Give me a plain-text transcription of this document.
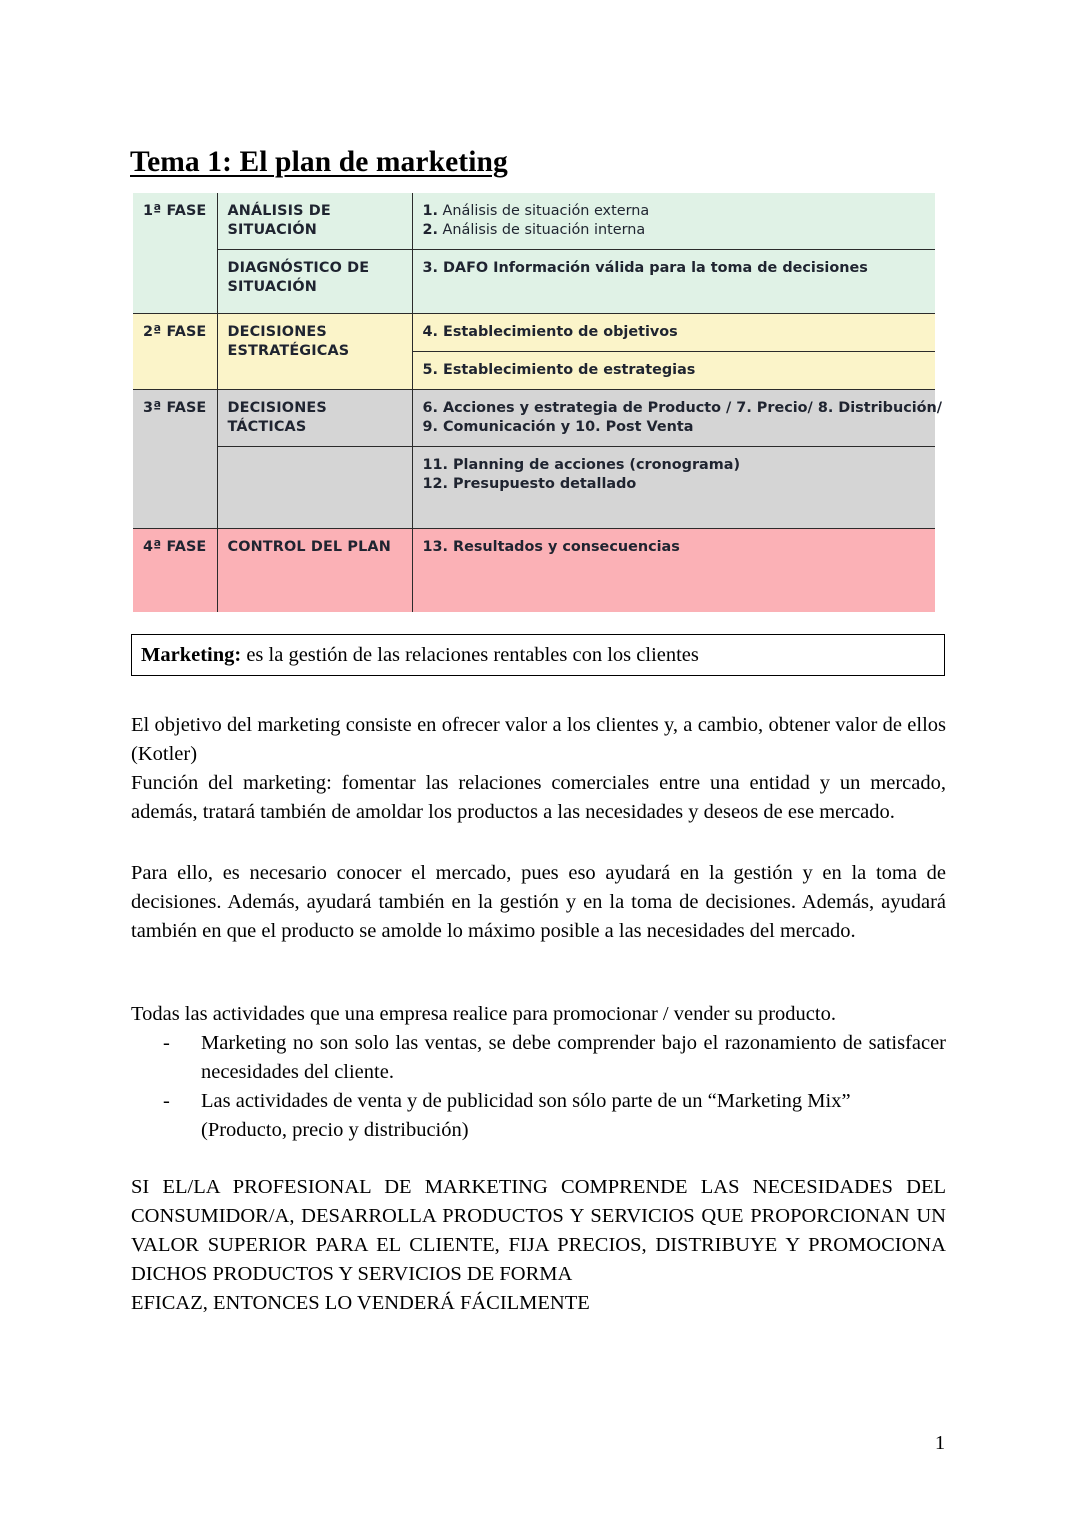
Tema 1: El plan de marketing
1ª FASE	ANÁLISIS DE SITUACIÓN	1. Análisis de situación externa
2. Análisis de situación interna

	DIAGNÓSTICO DE SITUACIÓN	3. DAFO Información válida para la toma de decisiones

2ª FASE	DECISIONES ESTRATÉGICAS	4. Establecimiento de objetivos

		5. Establecimiento de estrategias

3ª FASE	DECISIONES TÁCTICAS	6. Acciones y estrategia de Producto / 7. Precio/ 8. Distribución/
9. Comunicación y 10. Post Venta

		11. Planning de acciones (cronograma)
12. Presupuesto detallado

4ª FASE	CONTROL DEL PLAN	13. Resultados y consecuencias
Marketing: es la gestión de las relaciones rentables con los clientes

El objetivo del marketing consiste en ofrecer valor a los clientes y, a cambio, obtener valor de ellos (Kotler)

Función del marketing: fomentar las relaciones comerciales entre una entidad y un mercado, además, tratará también de amoldar los productos a las necesidades y deseos de ese mercado.

Para ello, es necesario conocer el mercado, pues eso ayudará en la gestión y en la toma de decisiones. Además, ayudará también en la gestión y en la toma de decisiones. Además, ayudará también en que el producto se amolde lo máximo posible a las necesidades del mercado.

Todas las actividades que una empresa realice para promocionar / vender su producto.

- Marketing no son solo las ventas, se debe comprender bajo el razonamiento de satisfacer necesidades del cliente.
- Las actividades de venta y de publicidad son sólo parte de un “Marketing Mix”
(Producto, precio y distribución)

SI EL/LA PROFESIONAL DE MARKETING COMPRENDE LAS NECESIDADES DEL CONSUMIDOR/A, DESARROLLA PRODUCTOS Y SERVICIOS QUE PROPORCIONAN UN VALOR SUPERIOR PARA EL CLIENTE, FIJA PRECIOS, DISTRIBUYE Y PROMOCIONA DICHOS PRODUCTOS Y SERVICIOS DE FORMA

EFICAZ, ENTONCES LO VENDERÁ FÁCILMENTE

1
